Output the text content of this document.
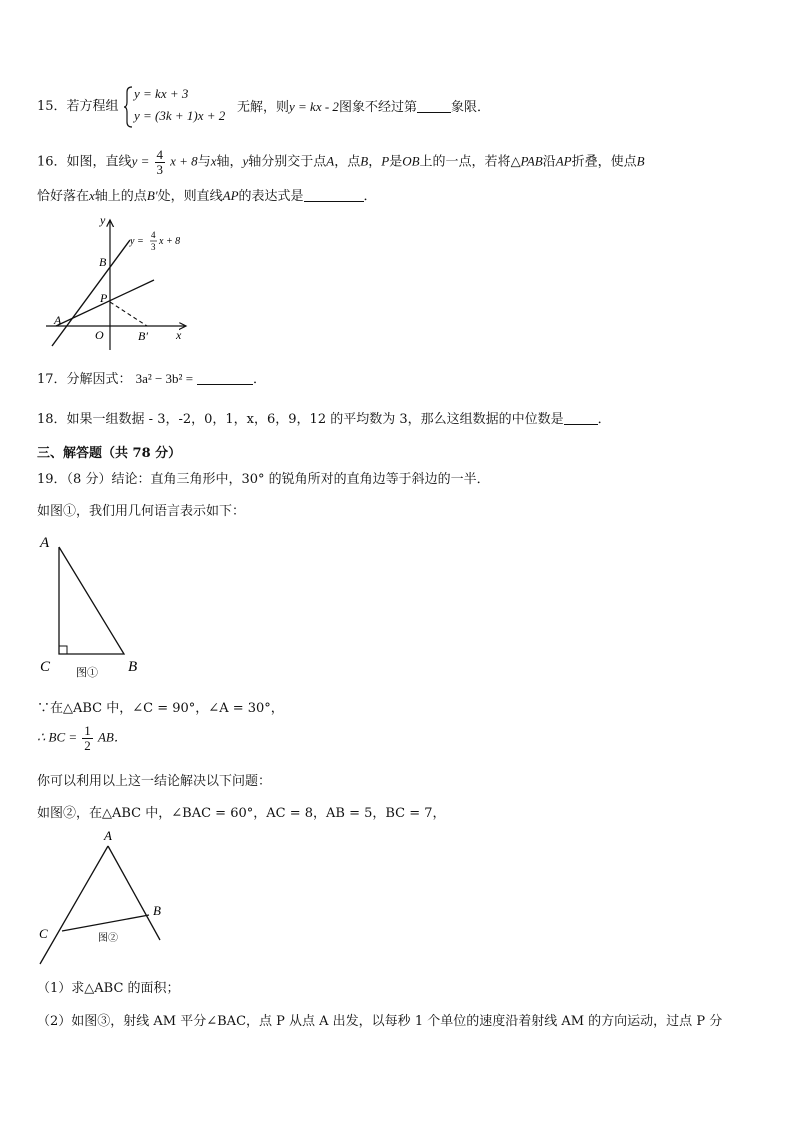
15．若方程组
y = kx + 3
y = (3k + 1)x + 2
无解，则y = kx - 2图象不经过第	象限．
16．如图，直线$y = \frac{4}{3}$ x + 8与x轴，y轴分别交于点A，点B，P是OB上的一点，若将△PAB沿AP折叠，使点B
恰好落在x轴上的点B′处，则直线AP的表达式是	．
y
x
y =
4
3 x + 8
B
P
A
O	B′
17．分解因式： 3a² − 3b² =	．
18．如果一组数据 - 3，-2，0，1，x，6，9，12 的平均数为 3，那么这组数据的中位数是	．
三、解答题（共 78 分）
19．（8 分）结论：直角三角形中，30° 的锐角所对的直角边等于斜边的一半．
如图①，我们用几何语言表示如下：
A
C	B
图①
∵在△ABC 中，∠C = 90°，∠A = 30°，
∴ BC = $\frac{1}{2}$ AB．
你可以利用以上这一结论解决以下问题：
如图②，在△ABC 中，∠BAC = 60°，AC = 8，AB = 5，BC = 7，
A
B
C	图②
（1）求△ABC 的面积；
（2）如图③，射线 AM 平分∠BAC，点 P 从点 A 出发，以每秒 1 个单位的速度沿着射线 AM 的方向运动，过点 P 分
